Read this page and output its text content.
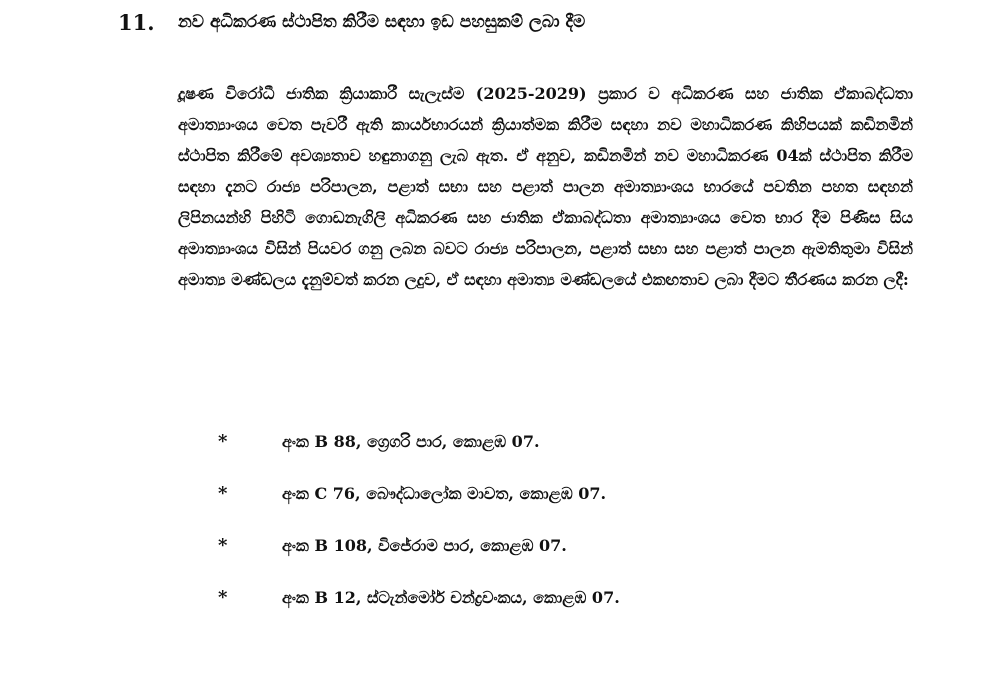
11. නව අධිකරණ ස්ථාපිත කිරීම සඳහා ඉඩ පහසුකම් ලබා දීම

දූෂණ විරෝධී ජාතික ක්‍රියාකාරී සැලැස්ම (2025-2029) ප්‍රකාර ව අධිකරණ සහ ජාතික ඒකාබද්ධතා අමාත්‍යාංශය වෙත පැවරී ඇති කාර්යභාරයන් ක්‍රියාත්මක කිරීම සඳහා නව මහාධිකරණ කිහිපයක් කඩිනමින් ස්ථාපිත කිරීමේ අවශ්‍යතාව හඳුනාගනු ලැබ ඇත. ඒ අනුව, කඩිනමින් නව මහාධිකරණ 04ක් ස්ථාපිත කිරීම සඳහා දැනට රාජ්‍ය පරිපාලන, පළාත් සභා සහ පළාත් පාලන අමාත්‍යාංශය භාරයේ පවතින පහත සඳහන් ලිපිනයන්හි පිහිටි ගොඩනැගිලි අධිකරණ සහ ජාතික ඒකාබද්ධතා අමාත්‍යාංශය වෙත භාර දීම පිණිස සිය අමාත්‍යාංශය විසින් පියවර ගනු ලබන බවට රාජ්‍ය පරිපාලන, පළාත් සභා සහ පළාත් පාලන ඇමතිතුමා විසින් අමාත්‍ය මණ්ඩලය දැනුම්වත් කරන ලදුව, ඒ සඳහා අමාත්‍ය මණ්ඩලයේ එකඟතාව ලබා දීමට තීරණය කරන ලදී:

*	අංක B 88, ග්‍රෙගරි පාර, කොළඹ 07.
*	අංක C 76, බෞද්ධාලෝක මාවත, කොළඹ 07.
*	අංක B 108, විජේරාම පාර, කොළඹ 07.
*	අංක B 12, ස්ටැන්මෝර් චන්ද්‍රවංකය, කොළඹ 07.
